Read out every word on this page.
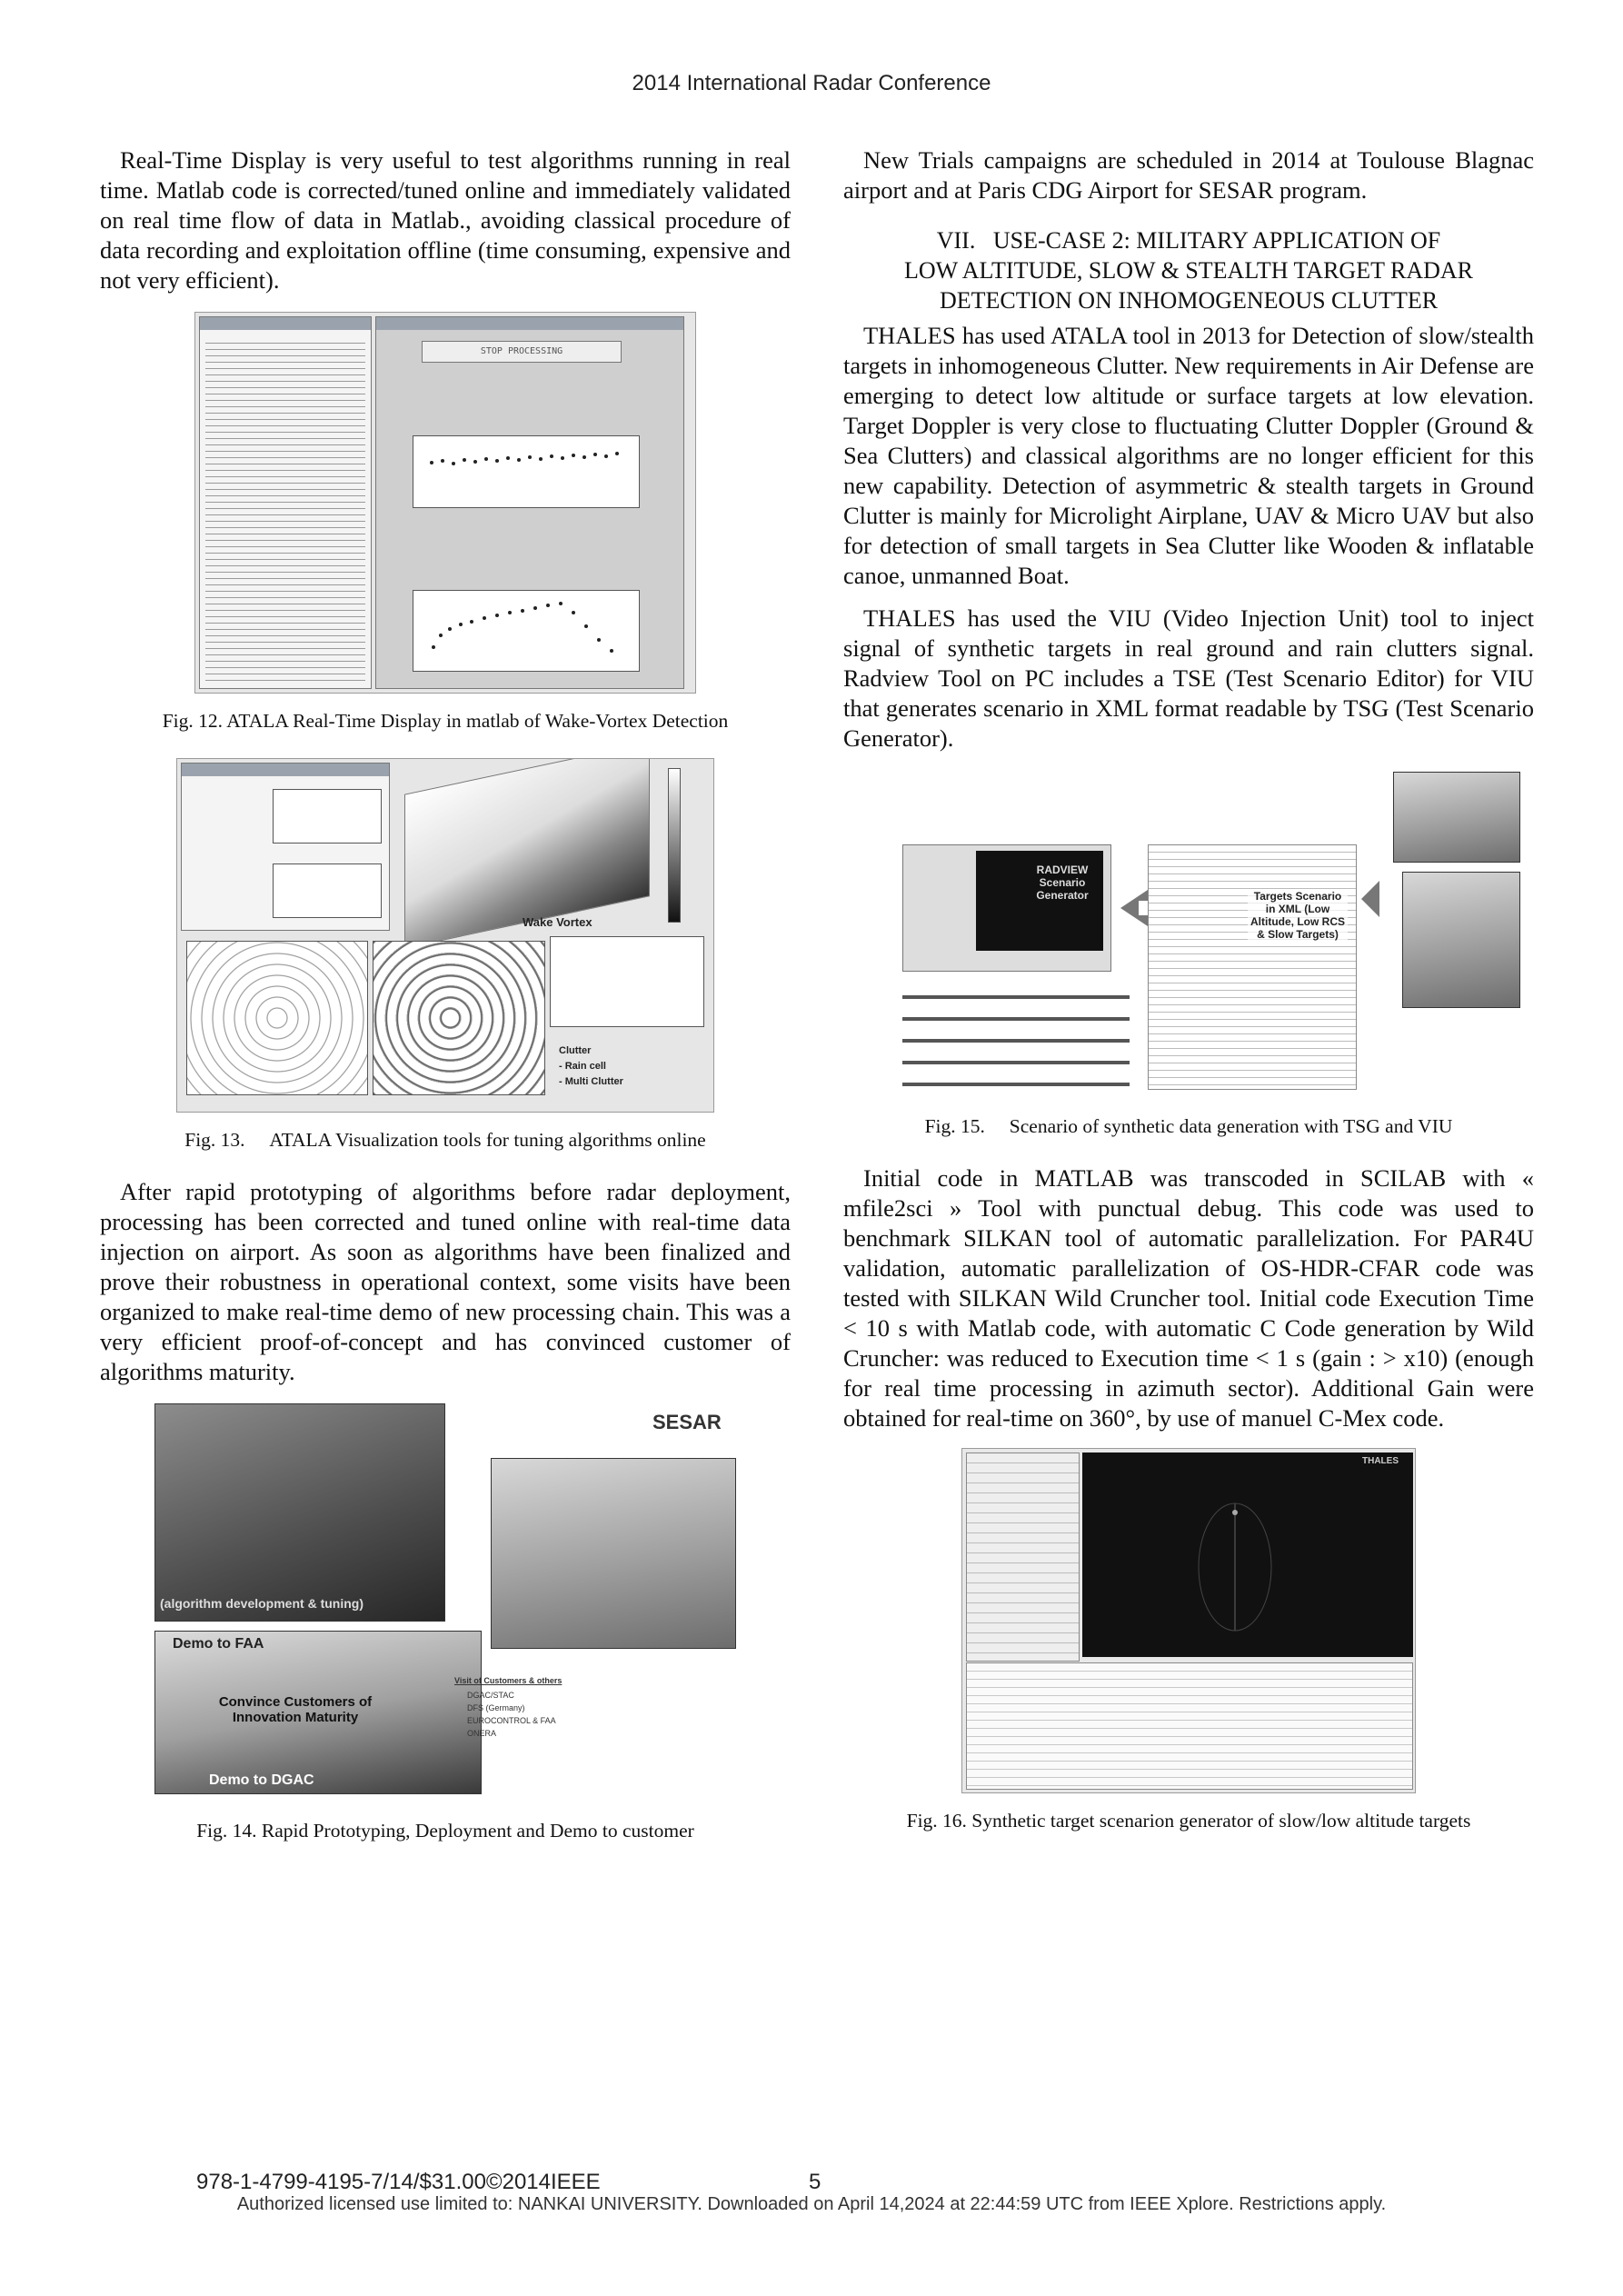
2014 International Radar Conference

Real-Time Display is very useful to test algorithms running in real time. Matlab code is corrected/tuned online and immediately validated on real time flow of data in Matlab., avoiding classical procedure of data recording and exploitation offline (time consuming, expensive and not very efficient).

STOP PROCESSING
Fig. 12. ATALA Real-Time Display in matlab of Wake-Vortex Detection
Wake Vortex
Clutter
- Rain cell
- Multi Clutter
Fig. 13.     ATALA Visualization tools for tuning algorithms online

After rapid prototyping of algorithms before radar deployment, processing has been corrected and tuned online with real-time data injection on airport. As soon as algorithms have been finalized and prove their robustness in operational context, some visits have been organized to make real-time demo of new processing chain. This was a very efficient proof-of-concept and has convinced customer of algorithms maturity.

(algorithm development & tuning)
SESAR
Demo to FAA
Convince Customers of Innovation Maturity
Demo to DGAC
Visit of Customers & others
DGAC/STAC
DFS (Germany)
EUROCONTROL & FAA
ONERA
Fig. 14. Rapid Prototyping, Deployment and Demo to customer

New Trials campaigns are scheduled in 2014 at Toulouse Blagnac airport and at Paris CDG Airport for SESAR program.

VII.   USE-CASE 2: MILITARY APPLICATION OF
LOW ALTITUDE, SLOW & STEALTH TARGET RADAR
DETECTION ON INHOMOGENEOUS CLUTTER

THALES has used ATALA tool in 2013 for Detection of slow/stealth targets in inhomogeneous Clutter. New requirements in Air Defense are emerging to detect low altitude or surface targets at low elevation. Target Doppler is very close to fluctuating Clutter Doppler (Ground & Sea Clutters) and classical algorithms are no longer efficient for this new capability. Detection of asymmetric & stealth targets in Ground Clutter is mainly for Microlight Airplane, UAV & Micro UAV but also for detection of small targets in Sea Clutter like Wooden & inflatable canoe, unmanned Boat.

THALES has used the VIU (Video Injection Unit) tool to inject signal of synthetic targets in real ground and rain clutters signal. Radview Tool on PC includes a TSE (Test Scenario Editor) for VIU that generates scenario in XML format readable by TSG (Test Scenario Generator).

RADVIEW Scenario Generator	Targets Scenario in XML (Low Altitude, Low RCS & Slow Targets)
Fig. 15.     Scenario of synthetic data generation with TSG and VIU

Initial code in MATLAB was transcoded in SCILAB with « mfile2sci » Tool with punctual debug. This code was used to benchmark SILKAN tool of automatic parallelization. For PAR4U validation, automatic parallelization of OS-HDR-CFAR code was tested with SILKAN Wild Cruncher tool. Initial code Execution Time < 10 s with Matlab code, with automatic C Code generation by Wild Cruncher: was reduced to Execution time < 1 s (gain : > x10) (enough for real time processing in azimuth sector). Additional Gain were obtained for real-time on 360°, by use of manuel C-Mex code.

THALES
Fig. 16. Synthetic target scenarion generator of slow/low altitude targets
978-1-4799-4195-7/14/$31.00©2014IEEE	5
Authorized licensed use limited to: NANKAI UNIVERSITY. Downloaded on April 14,2024 at 22:44:59 UTC from IEEE Xplore. Restrictions apply.
